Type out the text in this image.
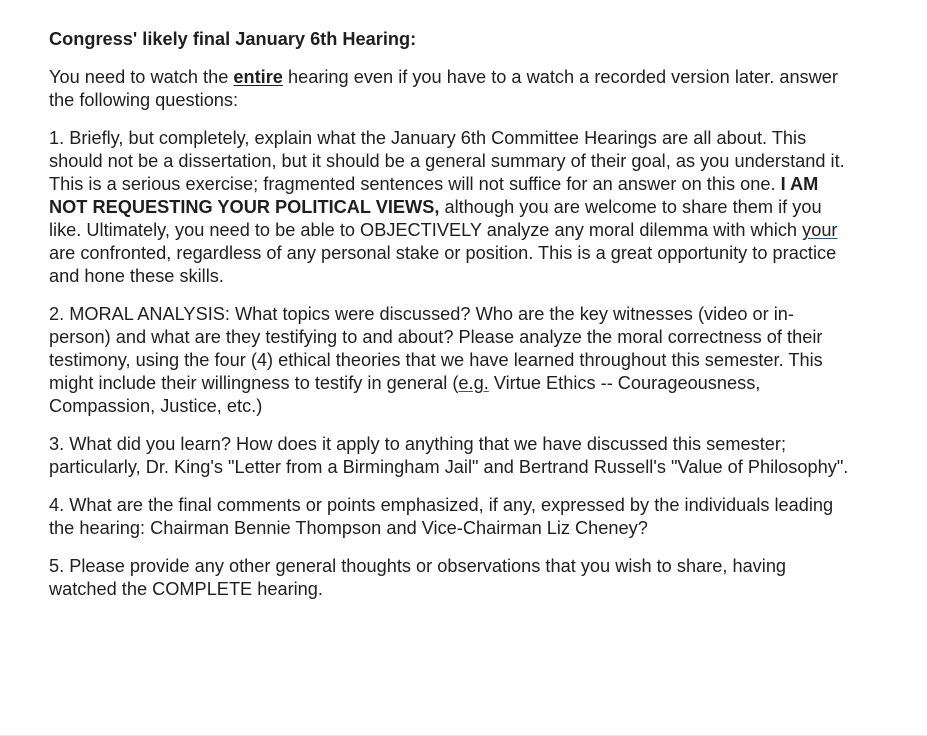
Congress' likely final January 6th Hearing:

You need to watch the entire hearing even if you have to a watch a recorded version later. answer the following questions:

1. Briefly, but completely, explain what the January 6th Committee Hearings are all about. This should not be a dissertation, but it should be a general summary of their goal, as you understand it. This is a serious exercise; fragmented sentences will not suffice for an answer on this one. I AM NOT REQUESTING YOUR POLITICAL VIEWS, although you are welcome to share them if you like. Ultimately, you need to be able to OBJECTIVELY analyze any moral dilemma with which your are confronted, regardless of any personal stake or position. This is a great opportunity to practice and hone these skills.

2. MORAL ANALYSIS: What topics were discussed? Who are the key witnesses (video or in-person) and what are they testifying to and about? Please analyze the moral correctness of their testimony, using the four (4) ethical theories that we have learned throughout this semester. This might include their willingness to testify in general (e.g. Virtue Ethics -- Courageousness, Compassion, Justice, etc.)

3. What did you learn? How does it apply to anything that we have discussed this semester; particularly, Dr. King's "Letter from a Birmingham Jail" and Bertrand Russell's "Value of Philosophy".

4. What are the final comments or points emphasized, if any, expressed by the individuals leading the hearing: Chairman Bennie Thompson and Vice-Chairman Liz Cheney?

5. Please provide any other general thoughts or observations that you wish to share, having watched the COMPLETE hearing.
